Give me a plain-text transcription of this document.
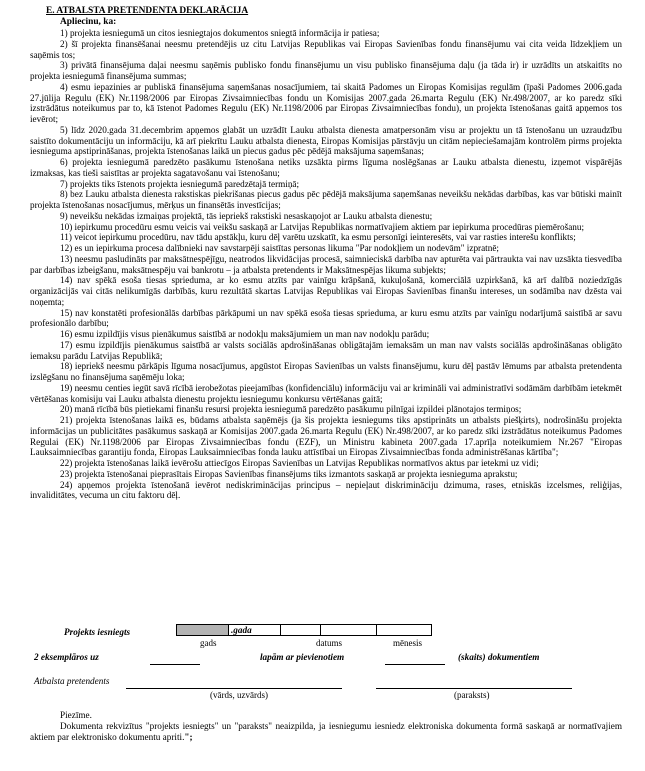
E. ATBALSTA PRETENDENTA DEKLARĀCIJA
Apliecinu, ka:

1) projekta iesniegumā un citos iesniegtajos dokumentos sniegtā informācija ir patiesa;

2) šī projekta finansēšanai neesmu pretendējis uz citu Latvijas Republikas vai Eiropas Savienības fondu finansējumu vai cita veida līdzekļiem un saņēmis tos;

3) privātā finansējuma daļai neesmu saņēmis publisko fondu finansējumu un visu publisko finansējuma daļu (ja tāda ir) ir uzrādīts un atskaitīts no projekta iesniegumā finansējuma summas;

4) esmu iepazinies ar publiskā finansējuma saņemšanas nosacījumiem, tai skaitā Padomes un Eiropas Komisijas regulām (īpaši Padomes 2006.gada 27.jūlija Regulu (EK) Nr.1198/2006 par Eiropas Zivsaimniecības fondu un Komisijas 2007.gada 26.marta Regulu (EK) Nr.498/2007, ar ko paredz sīki izstrādātus noteikumus par to, kā īstenot Padomes Regulu (EK) Nr.1198/2006 par Eiropas Zivsaimniecības fondu), un projekta īstenošanas gaitā apņemos tos ievērot;

5) līdz 2020.gada 31.decembrim apņemos glabāt un uzrādīt Lauku atbalsta dienesta amatpersonām visu ar projektu un tā īstenošanu un uzraudzību saistīto dokumentāciju un informāciju, kā arī piekrītu Lauku atbalsta dienesta, Eiropas Komisijas pārstāvju un citām nepieciešamajām kontrolēm pirms projekta iesnieguma apstiprināšanas, projekta īstenošanas laikā un piecus gadus pēc pēdējā maksājuma saņemšanas;

6) projekta iesniegumā paredzēto pasākumu īstenošana netiks uzsākta pirms līguma noslēgšanas ar Lauku atbalsta dienestu, izņemot vispārējās izmaksas, kas tieši saistītas ar projekta sagatavošanu vai īstenošanu;

7) projekts tiks īstenots projekta iesniegumā paredzētajā termiņā;

8) bez Lauku atbalsta dienesta rakstiskas piekrišanas piecus gadus pēc pēdējā maksājuma saņemšanas neveikšu nekādas darbības, kas var būtiski mainīt projekta īstenošanas nosacījumus, mērķus un finansētās investīcijas;

9) neveikšu nekādas izmaiņas projektā, tās iepriekš rakstiski nesaskaņojot ar Lauku atbalsta dienestu;

10) iepirkumu procedūru esmu veicis vai veikšu saskaņā ar Latvijas Republikas normatīvajiem aktiem par iepirkuma procedūras piemērošanu;

11) veicot iepirkumu procedūru, nav tādu apstākļu, kuru dēļ varētu uzskatīt, ka esmu personīgi ieinteresēts, vai var rasties interešu konflikts;

12) es un iepirkuma procesa dalībnieki nav savstarpēji saistītas personas likuma "Par nodokļiem un nodevām" izpratnē;

13) neesmu pasludināts par maksātnespējīgu, neatrodos likvidācijas procesā, saimnieciskā darbība nav apturēta vai pārtraukta vai nav uzsākta tiesvedība par darbības izbeigšanu, maksātnespēju vai bankrotu – ja atbalsta pretendents ir Maksātnespējas likuma subjekts;

14) nav spēkā esoša tiesas sprieduma, ar ko esmu atzīts par vainīgu krāpšanā, kukuļošanā, komerciālā uzpirkšanā, kā arī dalībā noziedzīgās organizācijās vai citās nelikumīgās darbībās, kuru rezultātā skartas Latvijas Republikas vai Eiropas Savienības finanšu intereses, un sodāmība nav dzēsta vai noņemta;

15) nav konstatēti profesionālās darbības pārkāpumi un nav spēkā esoša tiesas sprieduma, ar kuru esmu atzīts par vainīgu nodarījumā saistībā ar savu profesionālo darbību;

16) esmu izpildījis visus pienākumus saistībā ar nodokļu maksājumiem un man nav nodokļu parādu;

17) esmu izpildījis pienākumus saistībā ar valsts sociālās apdrošināšanas obligātajām iemaksām un man nav valsts sociālās apdrošināšanas obligāto iemaksu parādu Latvijas Republikā;

18) iepriekš neesmu pārkāpis līguma nosacījumus, apgūstot Eiropas Savienības un valsts finansējumu, kuru dēļ pastāv lēmums par atbalsta pretendenta izslēgšanu no finansējuma saņēmēju loka;

19) neesmu centies iegūt savā rīcībā ierobežotas pieejamības (konfidenciālu) informāciju vai ar krimināli vai administratīvi sodāmām darbībām ietekmēt vērtēšanas komisiju vai Lauku atbalsta dienestu projektu iesniegumu konkursu vērtēšanas gaitā;

20) manā rīcībā būs pietiekami finanšu resursi projekta iesniegumā paredzēto pasākumu pilnīgai izpildei plānotajos termiņos;

21) projekta īstenošanas laikā es, būdams atbalsta saņēmējs (ja šis projekta iesniegums tiks apstiprināts un atbalsts piešķirts), nodrošināšu projekta informācijas un publicitātes pasākumus saskaņā ar Komisijas 2007.gada 26.marta Regulu (EK) Nr.498/2007, ar ko paredz sīki izstrādātus noteikumus Padomes Regulai (EK) Nr.1198/2006 par Eiropas Zivsaimniecības fondu (EZF), un Ministru kabineta 2007.gada 17.aprīļa noteikumiem Nr.267 "Eiropas Lauksaimniecības garantiju fonda, Eiropas Lauksaimniecības fonda lauku attīstībai un Eiropas Zivsaimniecības fonda administrēšanas kārtība";

22) projekta īstenošanas laikā ievērošu attiecīgos Eiropas Savienības un Latvijas Republikas normatīvos aktus par ietekmi uz vidi;

23) projekta īstenošanai pieprasītais Eiropas Savienības finansējums tiks izmantots saskaņā ar projekta iesnieguma aprakstu;

24) apņemos projekta īstenošanā ievērot nediskriminācijas principus – nepieļaut diskrimināciju dzimuma, rases, etniskās izcelsmes, reliģijas, invaliditātes, vecuma un citu faktoru dēļ.

Projekts iesniegts	.gada
gads	datums	mēnesis
2 eksemplāros uz	lapām ar pievienotiem	(skaits) dokumentiem
Atbalsta pretendents
(vārds, uzvārds)	(paraksts)

Piezīme.

Dokumenta rekvizītus "projekts iesniegts" un "paraksts" neaizpilda, ja iesniegumu iesniedz elektroniska dokumenta formā saskaņā ar normatīvajiem aktiem par elektronisko dokumentu apriti.";
